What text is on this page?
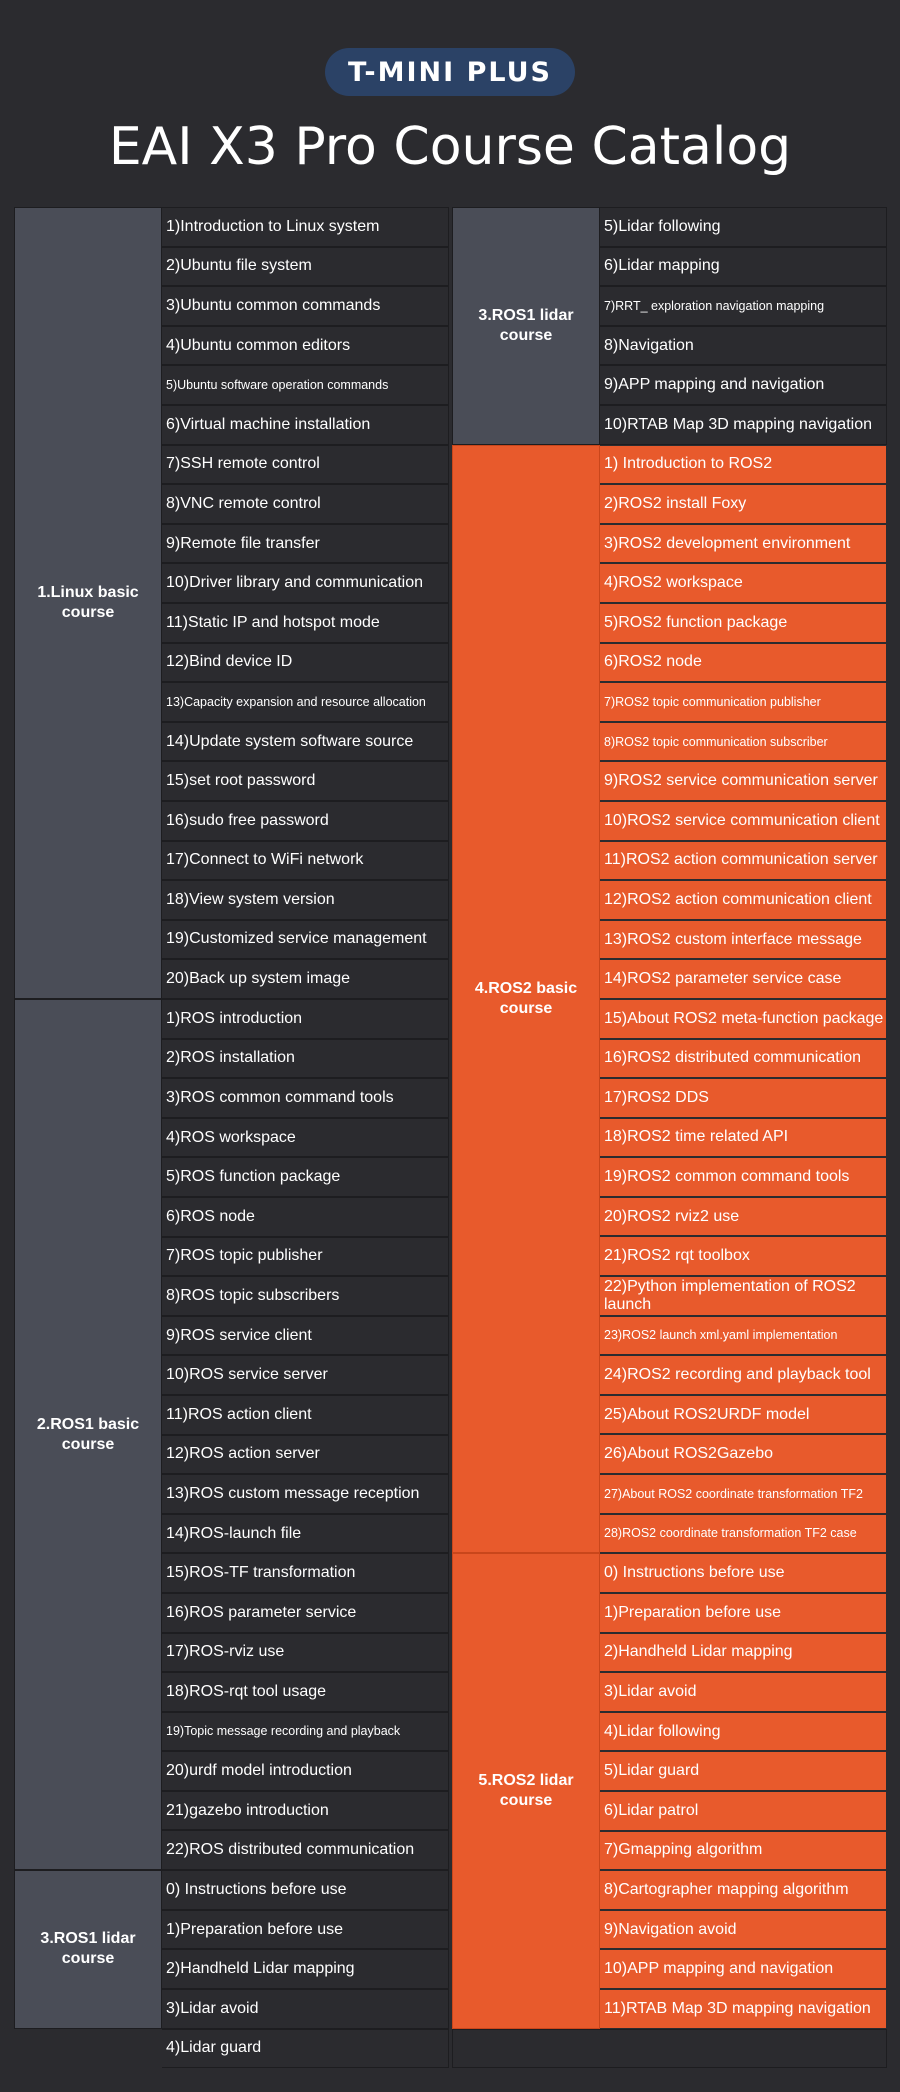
T-MINI PLUS
EAI X3 Pro Course Catalog
1.Linux basic course
1)Introduction to Linux system
2)Ubuntu file system
3)Ubuntu common commands
4)Ubuntu common editors
5)Ubuntu software operation commands
6)Virtual machine installation
7)SSH remote control
8)VNC remote control
9)Remote file transfer
10)Driver library and communication
11)Static IP and hotspot mode
12)Bind device ID
13)Capacity expansion and resource allocation
14)Update system software source
15)set root password
16)sudo free password
17)Connect to WiFi network
18)View system version
19)Customized service management
20)Back up system image
2.ROS1 basic course
1)ROS introduction
2)ROS installation
3)ROS common command tools
4)ROS workspace
5)ROS function package
6)ROS node
7)ROS topic publisher
8)ROS topic subscribers
9)ROS service client
10)ROS service server
11)ROS action client
12)ROS action server
13)ROS custom message reception
14)ROS-launch file
15)ROS-TF transformation
16)ROS parameter service
17)ROS-rviz use
18)ROS-rqt tool usage
19)Topic message recording and playback
20)urdf model introduction
21)gazebo introduction
22)ROS distributed communication
3.ROS1 lidar course
0) Instructions before use
1)Preparation before use
2)Handheld Lidar mapping
3)Lidar avoid
4)Lidar guard
3.ROS1 lidar course
5)Lidar following
6)Lidar mapping
7)RRT_ exploration navigation mapping
8)Navigation
9)APP mapping and navigation
10)RTAB Map 3D mapping navigation
4.ROS2 basic course
1) Introduction to ROS2
2)ROS2 install Foxy
3)ROS2 development environment
4)ROS2 workspace
5)ROS2 function package
6)ROS2 node
7)ROS2 topic communication publisher
8)ROS2 topic communication subscriber
9)ROS2 service communication server
10)ROS2 service communication client
11)ROS2 action communication server
12)ROS2 action communication client
13)ROS2 custom interface message
14)ROS2 parameter service case
15)About ROS2 meta-function package
16)ROS2 distributed communication
17)ROS2 DDS
18)ROS2 time related API
19)ROS2 common command tools
20)ROS2 rviz2 use
21)ROS2 rqt toolbox
22)Python implementation of ROS2 launch
23)ROS2 launch xml.yaml implementation
24)ROS2 recording and playback tool
25)About ROS2URDF model
26)About ROS2Gazebo
27)About ROS2 coordinate transformation TF2
28)ROS2 coordinate transformation TF2 case
5.ROS2 lidar course
0) Instructions before use
1)Preparation before use
2)Handheld Lidar mapping
3)Lidar avoid
4)Lidar following
5)Lidar guard
6)Lidar patrol
7)Gmapping algorithm
8)Cartographer mapping algorithm
9)Navigation avoid
10)APP mapping and navigation
11)RTAB Map 3D mapping navigation
